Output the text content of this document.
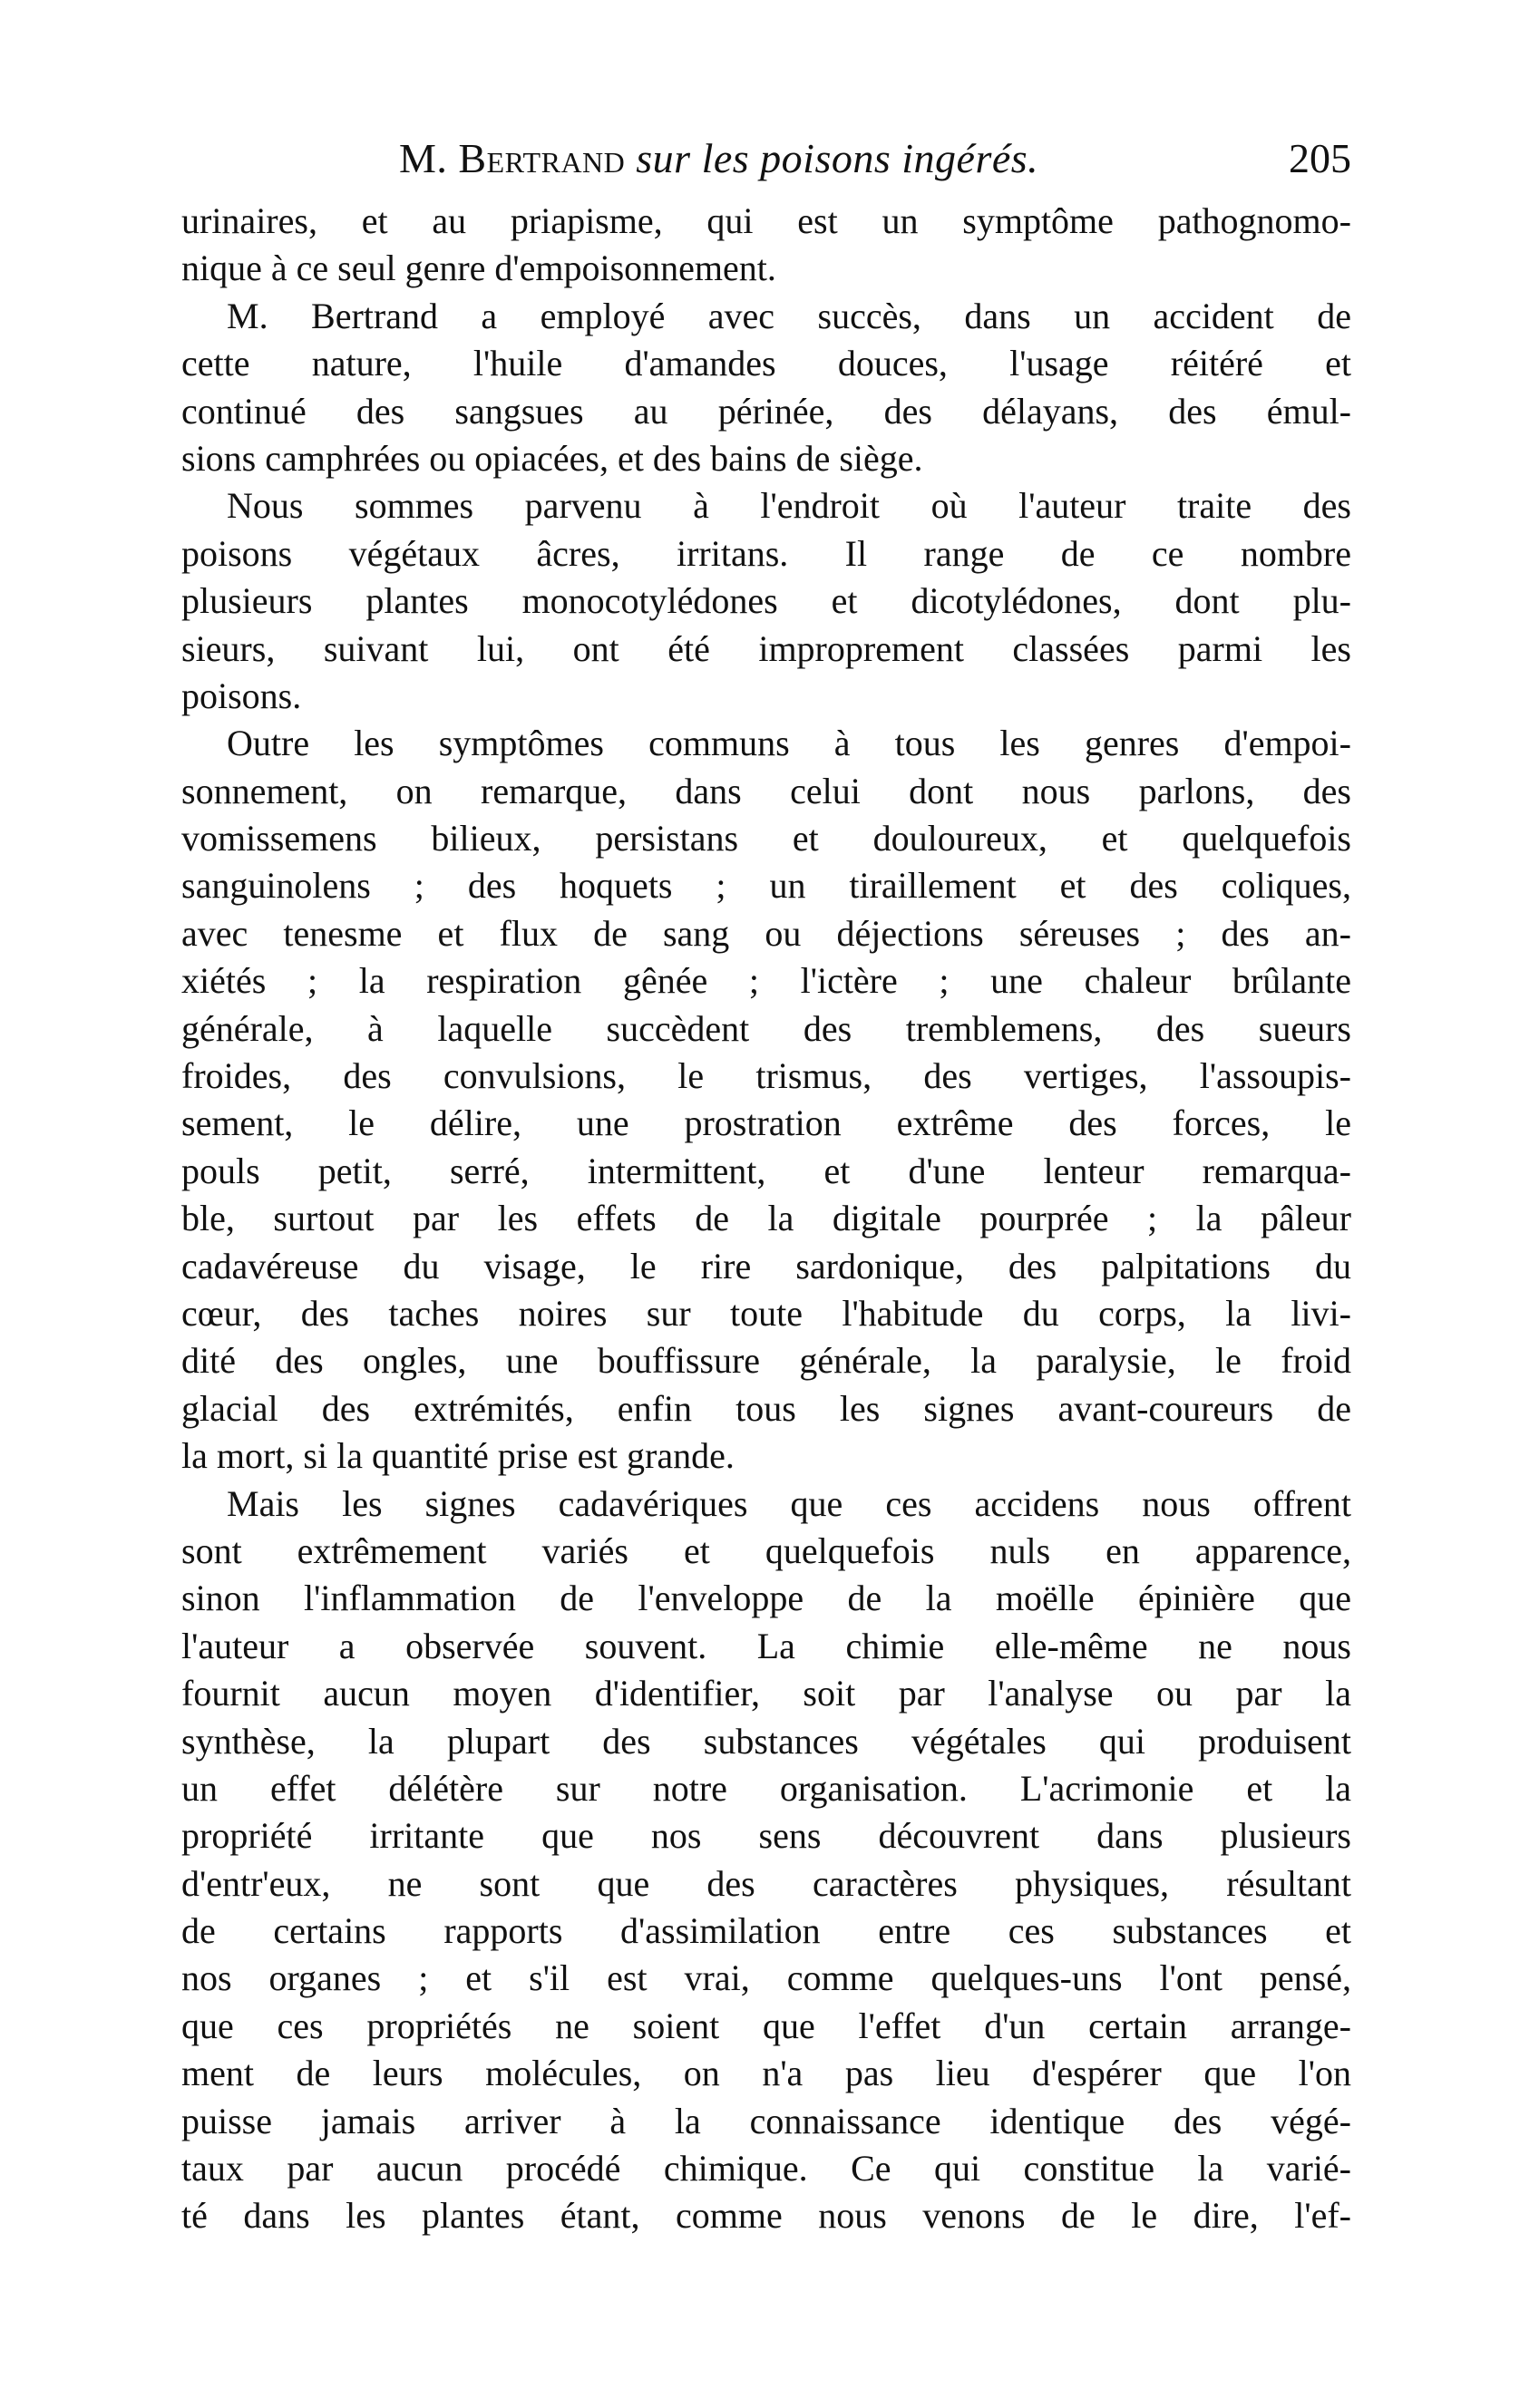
M. Bertrand sur les poisons ingérés.	205
urinaires, et au priapisme, qui est un symptôme pathognomo-
nique à ce seul genre d'empoisonnement.
M. Bertrand a employé avec succès, dans un accident de
cette nature, l'huile d'amandes douces, l'usage réitéré et
continué des sangsues au périnée, des délayans, des émul-
sions camphrées ou opiacées, et des bains de siège.
Nous sommes parvenu à l'endroit où l'auteur traite des
poisons végétaux âcres, irritans. Il range de ce nombre
plusieurs plantes monocotylédones et dicotylédones, dont plu-
sieurs, suivant lui, ont été improprement classées parmi les
poisons.
Outre les symptômes communs à tous les genres d'empoi-
sonnement, on remarque, dans celui dont nous parlons, des
vomissemens bilieux, persistans et douloureux, et quelquefois
sanguinolens ; des hoquets ; un tiraillement et des coliques,
avec tenesme et flux de sang ou déjections séreuses ; des an-
xiétés ; la respiration gênée ; l'ictère ; une chaleur brûlante
générale, à laquelle succèdent des tremblemens, des sueurs
froides, des convulsions, le trismus, des vertiges, l'assoupis-
sement, le délire, une prostration extrême des forces, le
pouls petit, serré, intermittent, et d'une lenteur remarqua-
ble, surtout par les effets de la digitale pourprée ; la pâleur
cadavéreuse du visage, le rire sardonique, des palpitations du
cœur, des taches noires sur toute l'habitude du corps, la livi-
dité des ongles, une bouffissure générale, la paralysie, le froid
glacial des extrémités, enfin tous les signes avant-coureurs de
la mort, si la quantité prise est grande.
Mais les signes cadavériques que ces accidens nous offrent
sont extrêmement variés et quelquefois nuls en apparence,
sinon l'inflammation de l'enveloppe de la moëlle épinière que
l'auteur a observée souvent. La chimie elle-même ne nous
fournit aucun moyen d'identifier, soit par l'analyse ou par la
synthèse, la plupart des substances végétales qui produisent
un effet délétère sur notre organisation. L'acrimonie et la
propriété irritante que nos sens découvrent dans plusieurs
d'entr'eux, ne sont que des caractères physiques, résultant
de certains rapports d'assimilation entre ces substances et
nos organes ; et s'il est vrai, comme quelques-uns l'ont pensé,
que ces propriétés ne soient que l'effet d'un certain arrange-
ment de leurs molécules, on n'a pas lieu d'espérer que l'on
puisse jamais arriver à la connaissance identique des végé-
taux par aucun procédé chimique. Ce qui constitue la varié-
té dans les plantes étant, comme nous venons de le dire, l'ef-
